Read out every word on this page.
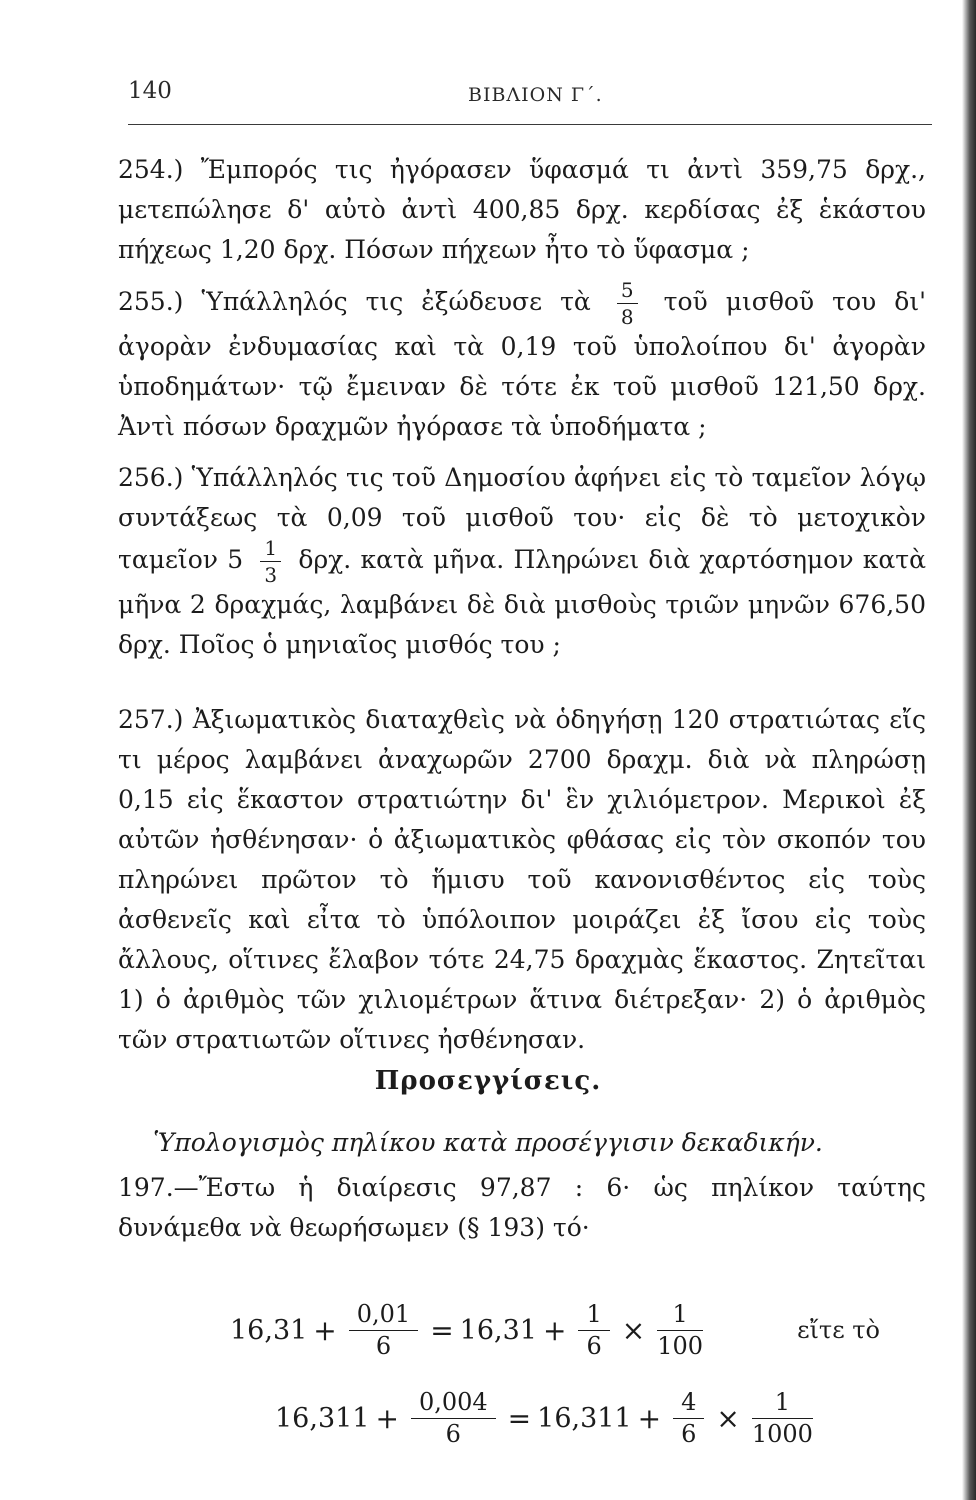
140	ΒΙΒΛΙΟΝ Γ΄.

254.) Ἔμπορός τις ἠγόρασεν ὕφασμά τι ἀντὶ 359,75 δρχ., μετεπώλησε δ' αὐτὸ ἀντὶ 400,85 δρχ. κερδίσας ἐξ ἑκάστου πήχεως 1,20 δρχ. Πόσων πήχεων ἦτο τὸ ὕφασμα ;

255.) Ὑπάλληλός τις ἐξώδευσε τὰ $\frac{5}{8}$ τοῦ μισθοῦ του δι' ἀγορὰν ἐνδυμασίας καὶ τὰ 0,19 τοῦ ὑπολοίπου δι' ἀγορὰν ὑποδημάτων· τῷ ἔμειναν δὲ τότε ἐκ τοῦ μισθοῦ 121,50 δρχ. Ἀντὶ πόσων δραχμῶν ἠγόρασε τὰ ὑποδήματα ;

256.) Ὑπάλληλός τις τοῦ Δημοσίου ἀφήνει εἰς τὸ ταμεῖον λόγῳ συντάξεως τὰ 0,09 τοῦ μισθοῦ του· εἰς δὲ τὸ μετοχικὸν ταμεῖον $5 \frac{1}{3} \delta\rho\chi$. κατὰ μῆνα. Πληρώνει διὰ χαρτόσημον κατὰ μῆνα 2 δραχμάς, λαμβάνει δὲ διὰ μισθοὺς τριῶν μηνῶν 676,50 δρχ. Ποῖος ὁ μηνιαῖος μισθός του ;

257.) Ἀξιωματικὸς διαταχθεὶς νὰ ὁδηγήσῃ 120 στρατιώτας εἴς τι μέρος λαμβάνει ἀναχωρῶν 2700 δραχμ. διὰ νὰ πληρώσῃ 0,15 εἰς ἕκαστον στρατιώτην δι' ἓν χιλιόμετρον. Μερικοὶ ἐξ αὐτῶν ἠσθένησαν· ὁ ἀξιωματικὸς φθάσας εἰς τὸν σκοπόν του πληρώνει πρῶτον τὸ ἥμισυ τοῦ κανονισθέντος εἰς τοὺς ἀσθενεῖς καὶ εἶτα τὸ ὑπόλοιπον μοιράζει ἐξ ἴσου εἰς τοὺς ἄλλους, οἵτινες ἔλαβον τότε 24,75 δραχμὰς ἕκαστος. Ζητεῖται 1) ὁ ἀριθμὸς τῶν χιλιομέτρων ἅτινα διέτρεξαν· 2) ὁ ἀριθμὸς τῶν στρατιωτῶν οἵτινες ἠσθένησαν.

Προσεγγίσεις.
Ὑπολογισμὸς πηλίκου κατὰ προσέγγισιν δεκαδικήν.

197.—Ἔστω ἡ διαίρεσις 97,87 : 6· ὡς πηλίκον ταύτης δυνάμεθα νὰ θεωρήσωμεν (§ 193) τό·

$16,31 + \frac{0,01}{6} = 16,31 + \frac{1}{6} \times \frac{1}{100}$	εἴτε τὸ
$16,311 + \frac{0,004}{6} = 16,311 + \frac{4}{6} \times \frac{1}{1000}$
